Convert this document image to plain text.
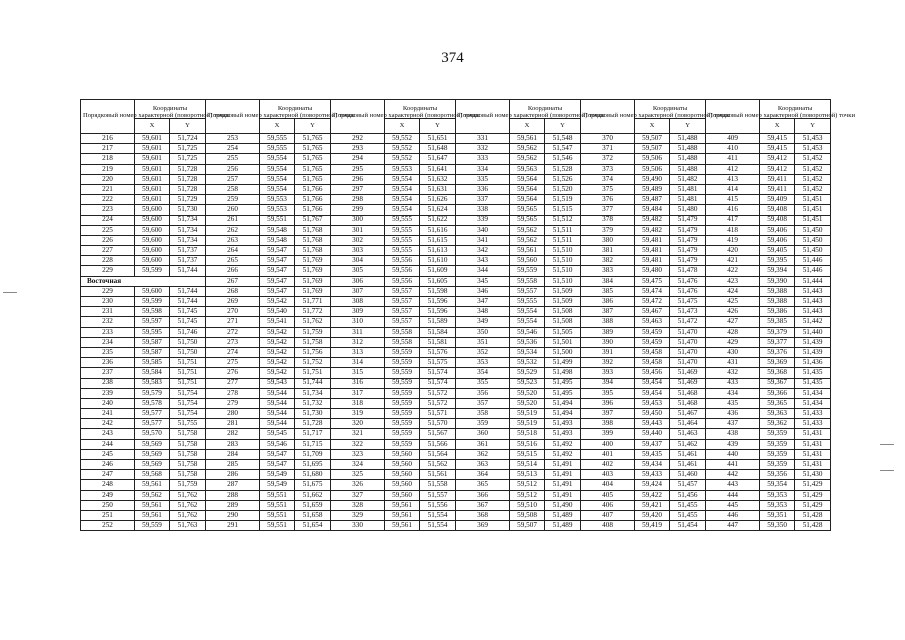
374
Порядковый номер характерной (поворотной) точки	Координаты		Порядковый номер характерной (поворотной) точки	Координаты		Порядковый номер характерной (поворотной) точки	Координаты		Порядковый номер характерной (поворотной) точки	Координаты		Порядковый номер характерной (поворотной) точки	Координаты		Порядковый номер характерной (поворотной) точки	Координаты	
	X	Y		X	Y		X	Y		X	Y		X	Y		X	Y
216	59,601	51,724	253	59,555	51,765	292	59,552	51,651	331	59,561	51,548	370	59,507	51,488	409	59,415	51,453
217	59,601	51,725	254	59,555	51,765	293	59,552	51,648	332	59,562	51,547	371	59,507	51,488	410	59,415	51,453
218	59,601	51,725	255	59,554	51,765	294	59,552	51,647	333	59,562	51,546	372	59,506	51,488	411	59,412	51,452
219	59,601	51,728	256	59,554	51,765	295	59,553	51,641	334	59,563	51,528	373	59,506	51,488	412	59,412	51,452
220	59,601	51,728	257	59,554	51,765	296	59,554	51,632	335	59,564	51,526	374	59,490	51,482	413	59,411	51,452
221	59,601	51,728	258	59,554	51,766	297	59,554	51,631	336	59,564	51,520	375	59,489	51,481	414	59,411	51,452
222	59,601	51,729	259	59,553	51,766	298	59,554	51,626	337	59,564	51,519	376	59,487	51,481	415	59,409	51,451
223	59,600	51,730	260	59,553	51,766	299	59,554	51,624	338	59,565	51,515	377	59,484	51,480	416	59,408	51,451
224	59,600	51,734	261	59,551	51,767	300	59,555	51,622	339	59,565	51,512	378	59,482	51,479	417	59,408	51,451
225	59,600	51,734	262	59,548	51,768	301	59,555	51,616	340	59,562	51,511	379	59,482	51,479	418	59,406	51,450
226	59,600	51,734	263	59,548	51,768	302	59,555	51,615	341	59,562	51,511	380	59,481	51,479	419	59,406	51,450
227	59,600	51,737	264	59,547	51,768	303	59,555	51,613	342	59,561	51,510	381	59,481	51,479	420	59,405	51,450
228	59,600	51,737	265	59,547	51,769	304	59,556	51,610	343	59,560	51,510	382	59,481	51,479	421	59,395	51,446
229	59,599	51,744	266	59,547	51,769	305	59,556	51,609	344	59,559	51,510	383	59,480	51,478	422	59,394	51,446
Восточная			267	59,547	51,769	306	59,556	51,605	345	59,558	51,510	384	59,475	51,476	423	59,390	51,444
229	59,600	51,744	268	59,547	51,769	307	59,557	51,598	346	59,557	51,509	385	59,474	51,476	424	59,388	51,443
230	59,599	51,744	269	59,542	51,771	308	59,557	51,596	347	59,555	51,509	386	59,472	51,475	425	59,388	51,443
231	59,598	51,745	270	59,540	51,772	309	59,557	51,596	348	59,554	51,508	387	59,467	51,473	426	59,386	51,443
232	59,597	51,745	271	59,541	51,762	310	59,557	51,589	349	59,554	51,508	388	59,463	51,472	427	59,385	51,442
233	59,595	51,746	272	59,542	51,759	311	59,558	51,584	350	59,546	51,505	389	59,459	51,470	428	59,379	51,440
234	59,587	51,750	273	59,542	51,758	312	59,558	51,581	351	59,536	51,501	390	59,459	51,470	429	59,377	51,439
235	59,587	51,750	274	59,542	51,756	313	59,559	51,576	352	59,534	51,500	391	59,458	51,470	430	59,376	51,439
236	59,585	51,751	275	59,542	51,752	314	59,559	51,575	353	59,532	51,499	392	59,458	51,470	431	59,369	51,436
237	59,584	51,751	276	59,542	51,751	315	59,559	51,574	354	59,529	51,498	393	59,456	51,469	432	59,368	51,435
238	59,583	51,751	277	59,543	51,744	316	59,559	51,574	355	59,523	51,495	394	59,454	51,469	433	59,367	51,435
239	59,579	51,754	278	59,544	51,734	317	59,559	51,572	356	59,520	51,495	395	59,454	51,468	434	59,366	51,434
240	59,578	51,754	279	59,544	51,732	318	59,559	51,572	357	59,520	51,494	396	59,453	51,468	435	59,365	51,434
241	59,577	51,754	280	59,544	51,730	319	59,559	51,571	358	59,519	51,494	397	59,450	51,467	436	59,363	51,433
242	59,577	51,755	281	59,544	51,728	320	59,559	51,570	359	59,519	51,493	398	59,443	51,464	437	59,362	51,433
243	59,570	51,758	282	59,545	51,717	321	59,559	51,567	360	59,518	51,493	399	59,440	51,463	438	59,359	51,431
244	59,569	51,758	283	59,546	51,715	322	59,559	51,566	361	59,516	51,492	400	59,437	51,462	439	59,359	51,431
245	59,569	51,758	284	59,547	51,709	323	59,560	51,564	362	59,515	51,492	401	59,435	51,461	440	59,359	51,431
246	59,569	51,758	285	59,547	51,695	324	59,560	51,562	363	59,514	51,491	402	59,434	51,461	441	59,359	51,431
247	59,568	51,758	286	59,549	51,680	325	59,560	51,561	364	59,513	51,491	403	59,433	51,460	442	59,356	51,430
248	59,561	51,759	287	59,549	51,675	326	59,560	51,558	365	59,512	51,491	404	59,424	51,457	443	59,354	51,429
249	59,562	51,762	288	59,551	51,662	327	59,560	51,557	366	59,512	51,491	405	59,422	51,456	444	59,353	51,429
250	59,561	51,762	289	59,551	51,659	328	59,561	51,556	367	59,510	51,490	406	59,421	51,455	445	59,353	51,429
251	59,561	51,762	290	59,551	51,658	329	59,561	51,554	368	59,508	51,489	407	59,420	51,455	446	59,351	51,428
252	59,559	51,763	291	59,551	51,654	330	59,561	51,554	369	59,507	51,489	408	59,419	51,454	447	59,350	51,428
